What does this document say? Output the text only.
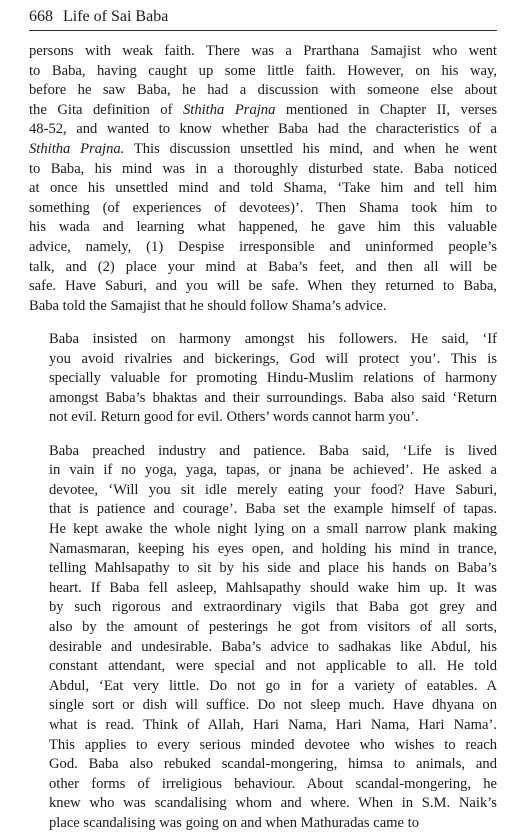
668 Life of Sai Baba
persons with weak faith. There was a Prarthana Samajist who went
to Baba, having caught up some little faith. However, on his way,
before he saw Baba, he had a discussion with someone else about
the Gita definition of Sthitha Prajna mentioned in Chapter II, verses
48-52, and wanted to know whether Baba had the characteristics of a
Sthitha Prajna. This discussion unsettled his mind, and when he went
to Baba, his mind was in a thoroughly disturbed state. Baba noticed
at once his unsettled mind and told Shama, ‘Take him and tell him
something (of experiences of devotees)’. Then Shama took him to
his wada and learning what happened, he gave him this valuable
advice, namely, (1) Despise irresponsible and uninformed people’s
talk, and (2) place your mind at Baba’s feet, and then all will be
safe. Have Saburi, and you will be safe. When they returned to Baba,
Baba told the Samajist that he should follow Shama’s advice.
Baba insisted on harmony amongst his followers. He said, ‘If
you avoid rivalries and bickerings, God will protect you’. This is
specially valuable for promoting Hindu-Muslim relations of harmony
amongst Baba’s bhaktas and their surroundings. Baba also said ‘Return
not evil. Return good for evil. Others’ words cannot harm you’.
Baba preached industry and patience. Baba said, ‘Life is lived
in vain if no yoga, yaga, tapas, or jnana be achieved’. He asked a
devotee, ‘Will you sit idle merely eating your food? Have Saburi,
that is patience and courage’. Baba set the example himself of tapas.
He kept awake the whole night lying on a small narrow plank making
Namasmaran, keeping his eyes open, and holding his mind in trance,
telling Mahlsapathy to sit by his side and place his hands on Baba’s
heart. If Baba fell asleep, Mahlsapathy should wake him up. It was
by such rigorous and extraordinary vigils that Baba got grey and
also by the amount of pesterings he got from visitors of all sorts,
desirable and undesirable. Baba’s advice to sadhakas like Abdul, his
constant attendant, were special and not applicable to all. He told
Abdul, ‘Eat very little. Do not go in for a variety of eatables. A
single sort or dish will suffice. Do not sleep much. Have dhyana on
what is read. Think of Allah, Hari Nama, Hari Nama, Hari Nama’.
This applies to every serious minded devotee who wishes to reach
God. Baba also rebuked scandal-mongering, himsa to animals, and
other forms of irreligious behaviour. About scandal-mongering, he
knew who was scandalising whom and where. When in S.M. Naik’s
place scandalising was going on and when Mathuradas came to
